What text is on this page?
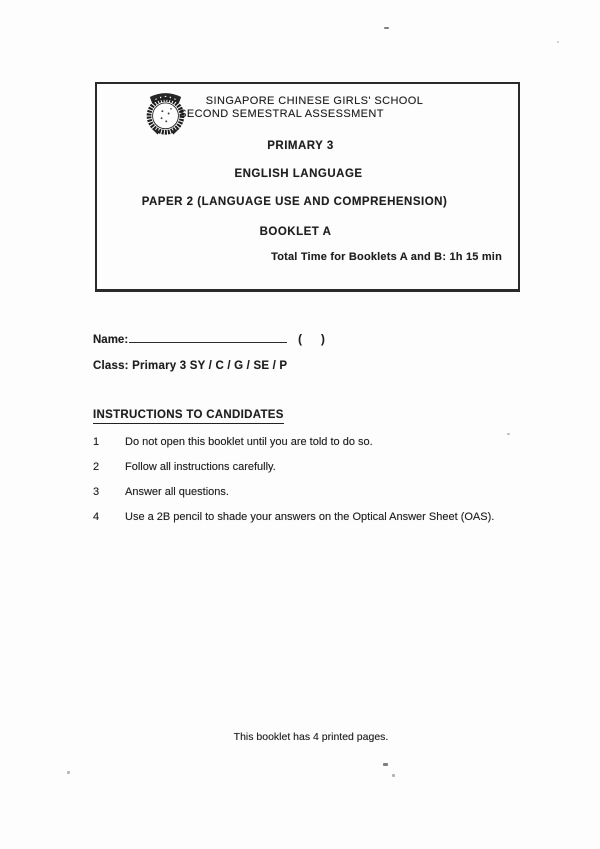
SINGAPORE CHINESE GIRLS' SCHOOL
SECOND SEMESTRAL ASSESSMENT
PRIMARY 3
ENGLISH LANGUAGE
PAPER 2 (LANGUAGE USE AND COMPREHENSION)
BOOKLET A
Total Time for Booklets A and B: 1h 15 min
Name:	( )
Class: Primary 3 SY / C / G / SE / P
INSTRUCTIONS TO CANDIDATES
1 Do not open this booklet until you are told to do so.
2 Follow all instructions carefully.
3 Answer all questions.
4 Use a 2B pencil to shade your answers on the Optical Answer Sheet (OAS).
This booklet has 4 printed pages.
